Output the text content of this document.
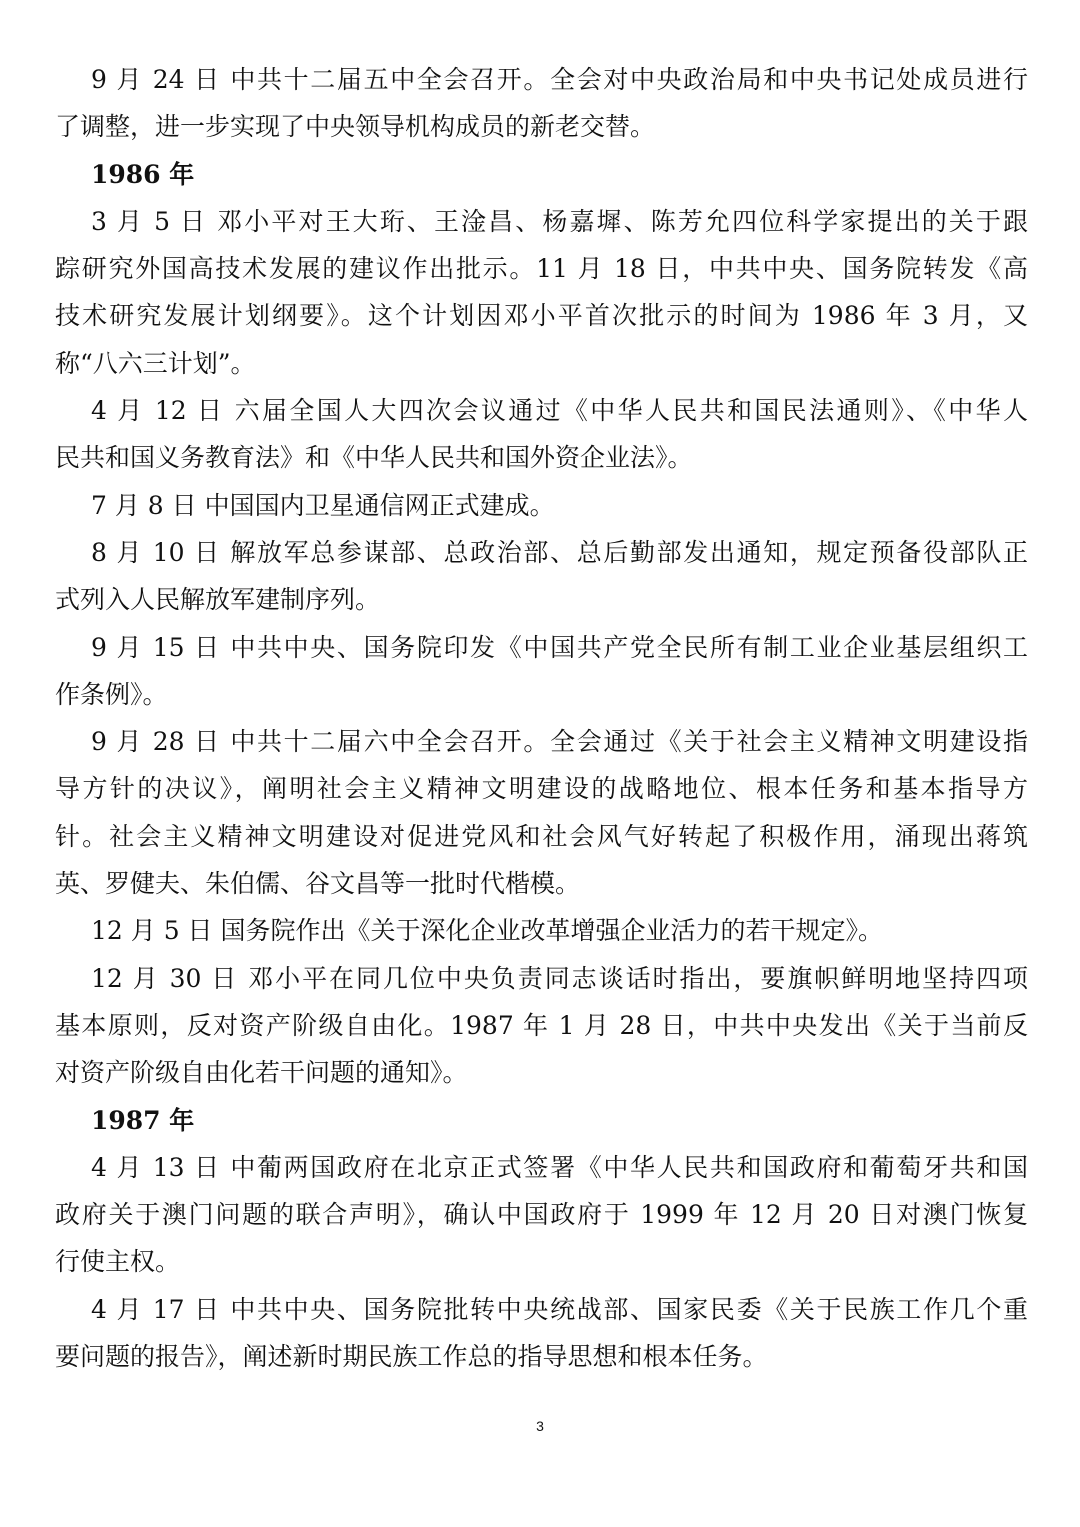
9 月 24 日 中共十二届五中全会召开。全会对中央政治局和中央书记处成员进行
了调整，进一步实现了中央领导机构成员的新老交替。
1986 年
3 月 5 日 邓小平对王大珩、王淦昌、杨嘉墀、陈芳允四位科学家提出的关于跟
踪研究外国高技术发展的建议作出批示。11 月 18 日，中共中央、国务院转发《高
技术研究发展计划纲要》。这个计划因邓小平首次批示的时间为 1986 年 3 月，又
称“八六三计划”。
4 月 12 日 六届全国人大四次会议通过《中华人民共和国民法通则》、《中华人
民共和国义务教育法》和《中华人民共和国外资企业法》。
7 月 8 日 中国国内卫星通信网正式建成。
8 月 10 日 解放军总参谋部、总政治部、总后勤部发出通知，规定预备役部队正
式列入人民解放军建制序列。
9 月 15 日 中共中央、国务院印发《中国共产党全民所有制工业企业基层组织工
作条例》。
9 月 28 日 中共十二届六中全会召开。全会通过《关于社会主义精神文明建设指
导方针的决议》，阐明社会主义精神文明建设的战略地位、根本任务和基本指导方
针。社会主义精神文明建设对促进党风和社会风气好转起了积极作用，涌现出蒋筑
英、罗健夫、朱伯儒、谷文昌等一批时代楷模。
12 月 5 日 国务院作出《关于深化企业改革增强企业活力的若干规定》。
12 月 30 日 邓小平在同几位中央负责同志谈话时指出，要旗帜鲜明地坚持四项
基本原则，反对资产阶级自由化。1987 年 1 月 28 日，中共中央发出《关于当前反
对资产阶级自由化若干问题的通知》。
1987 年
4 月 13 日 中葡两国政府在北京正式签署《中华人民共和国政府和葡萄牙共和国
政府关于澳门问题的联合声明》，确认中国政府于 1999 年 12 月 20 日对澳门恢复
行使主权。
4 月 17 日 中共中央、国务院批转中央统战部、国家民委《关于民族工作几个重
要问题的报告》，阐述新时期民族工作总的指导思想和根本任务。
3
